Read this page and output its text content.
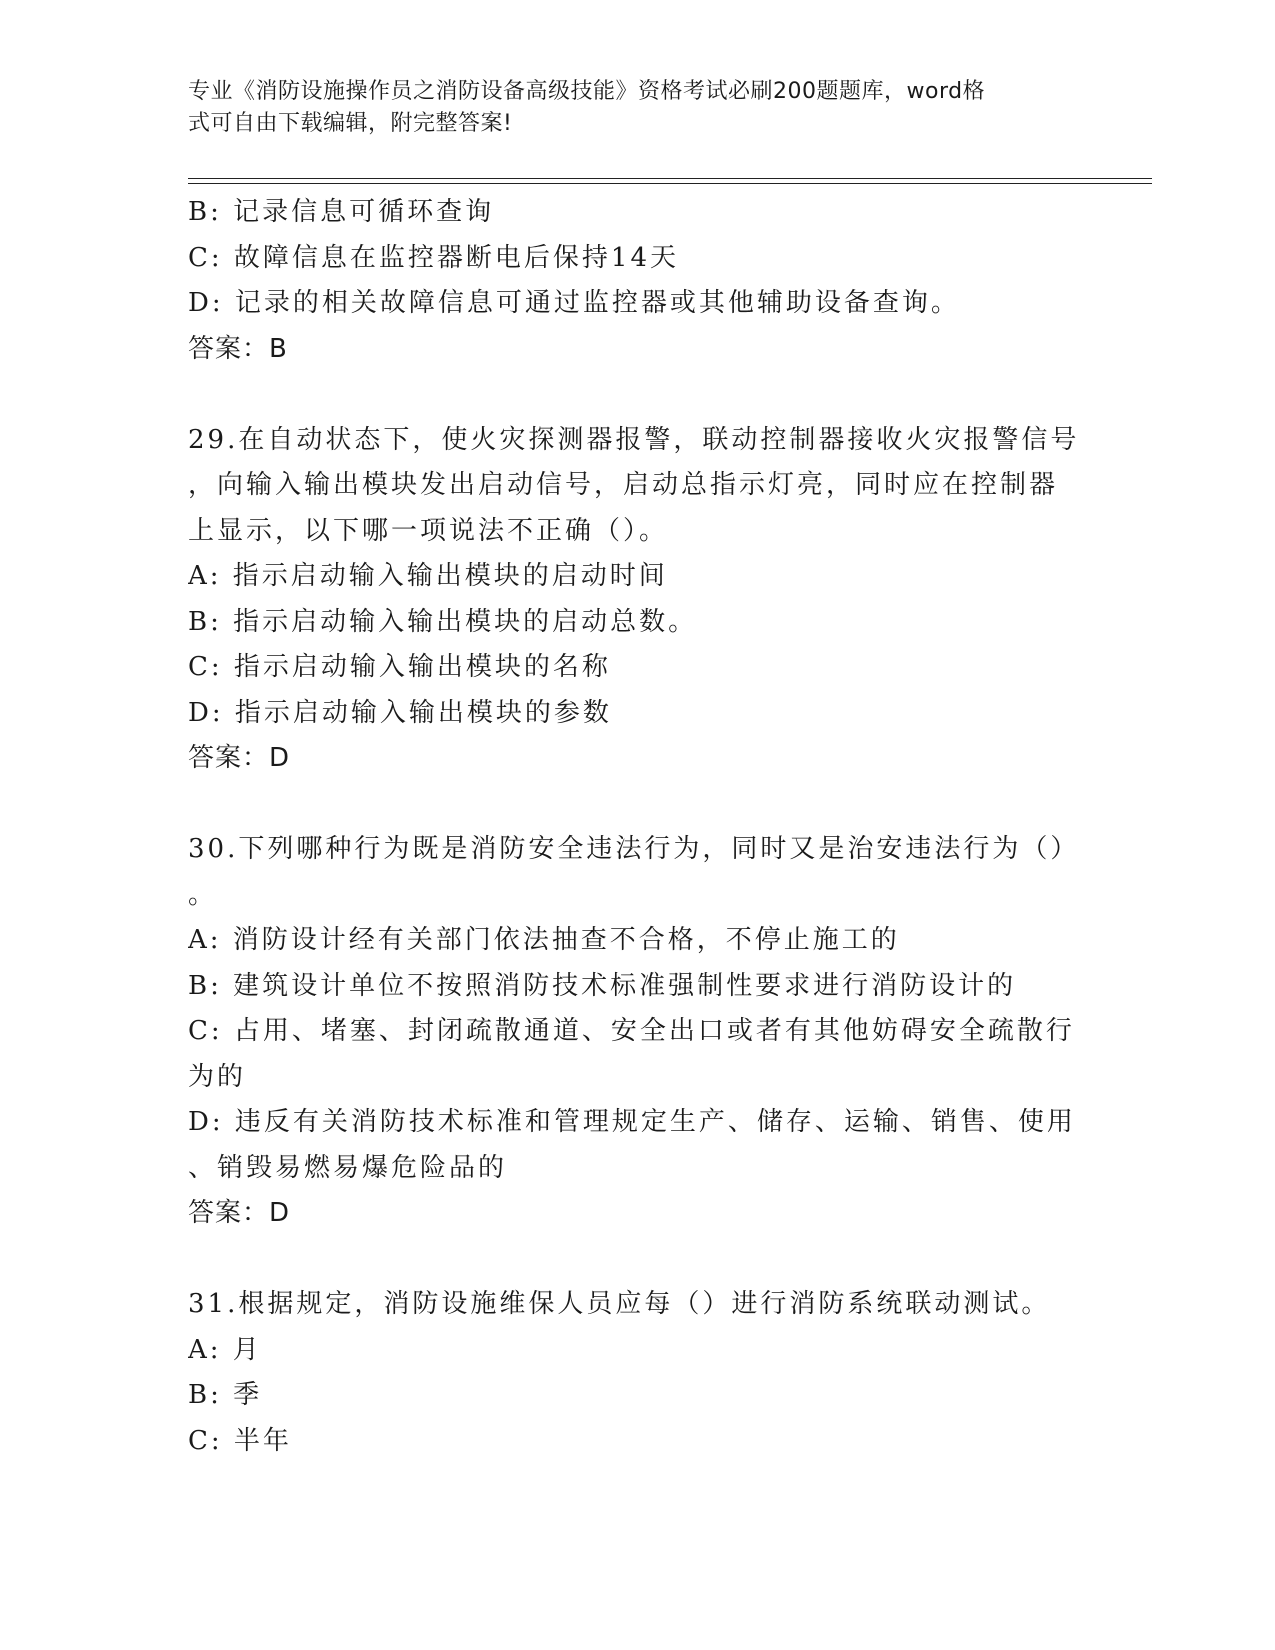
专业《消防设施操作员之消防设备高级技能》资格考试必刷200题题库，word格
式可自由下载编辑，附完整答案!
B: 记录信息可循环查询
C: 故障信息在监控器断电后保持14天
D: 记录的相关故障信息可通过监控器或其他辅助设备查询。
答案：B
29.在自动状态下，使火灾探测器报警，联动控制器接收火灾报警信号
，向输入输出模块发出启动信号，启动总指示灯亮，同时应在控制器
上显示，以下哪一项说法不正确（）。
A: 指示启动输入输出模块的启动时间
B: 指示启动输入输出模块的启动总数。
C: 指示启动输入输出模块的名称
D: 指示启动输入输出模块的参数
答案：D
30.下列哪种行为既是消防安全违法行为，同时又是治安违法行为（）
。
A: 消防设计经有关部门依法抽查不合格，不停止施工的
B: 建筑设计单位不按照消防技术标准强制性要求进行消防设计的
C: 占用、堵塞、封闭疏散通道、安全出口或者有其他妨碍安全疏散行
为的
D: 违反有关消防技术标准和管理规定生产、储存、运输、销售、使用
、销毁易燃易爆危险品的
答案：D
31.根据规定，消防设施维保人员应每（）进行消防系统联动测试。
A: 月
B: 季
C: 半年
